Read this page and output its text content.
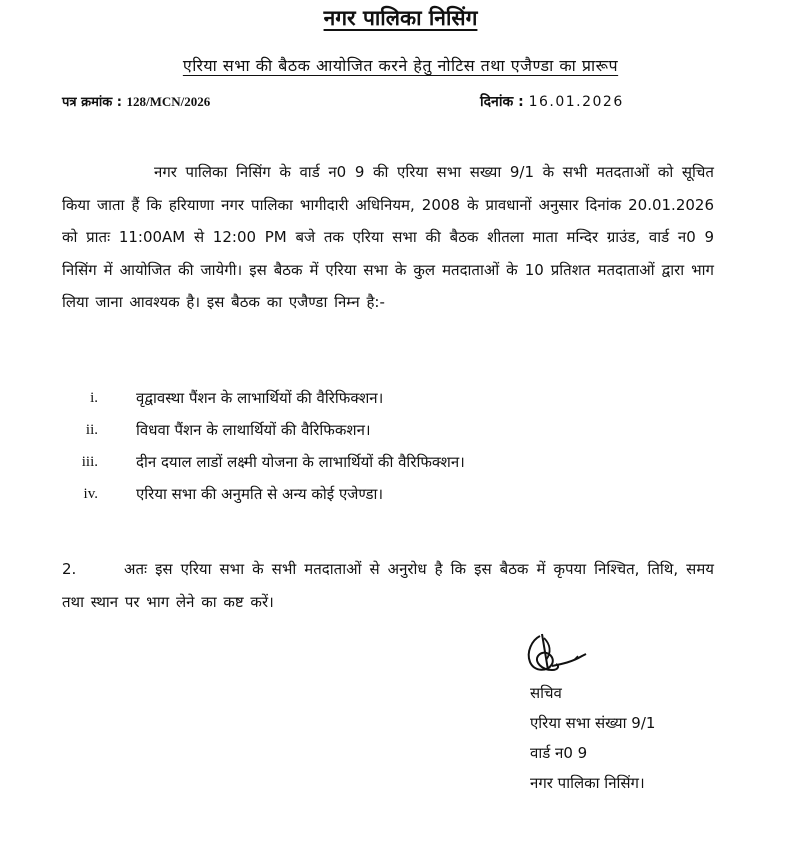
नगर पालिका निसिंग
एरिया सभा की बैठक आयोजित करने हेतु नोटिस तथा एजैण्डा का प्रारूप
पत्र क्रमांक : 128/MCN/2026	दिनांक : 16.01.2026
नगर पालिका निसिंग के वार्ड न0 9 की एरिया सभा सख्या 9/1 के सभी मतदताओं को सूचित किया जाता हैं कि हरियाणा नगर पालिका भागीदारी अधिनियम, 2008 के प्रावधानों अनुसार दिनांक 20.01.2026 को प्रातः 11:00AM से 12:00 PM बजे तक एरिया सभा की बैठक शीतला माता मन्दिर ग्राउंड, वार्ड न0 9 निसिंग में आयोजित की जायेगी। इस बैठक में एरिया सभा के कुल मतदाताओं के 10 प्रतिशत मतदाताओं द्वारा भाग लिया जाना आवश्यक है। इस बैठक का एजैण्डा निम्न है:-
i.	वृद्वावस्था पैंशन के लाभार्थियों की वैरिफिक्शन।
ii.	विधवा पैंशन के लाथार्थियों की वैरिफिकशन।
iii.	दीन दयाल लाडों लक्ष्मी योजना के लाभार्थियों की वैरिफिक्शन।
iv.	एरिया सभा की अनुमति से अन्य कोई एजेण्डा।
2.	अतः इस एरिया सभा के सभी मतदाताओं से अनुरोध है कि इस बैठक में कृपया निश्चित, तिथि, समय तथा स्थान पर भाग लेने का कष्ट करें।
सचिव
एरिया सभा संख्या 9/1
वार्ड न0 9
नगर पालिका निसिंग।
